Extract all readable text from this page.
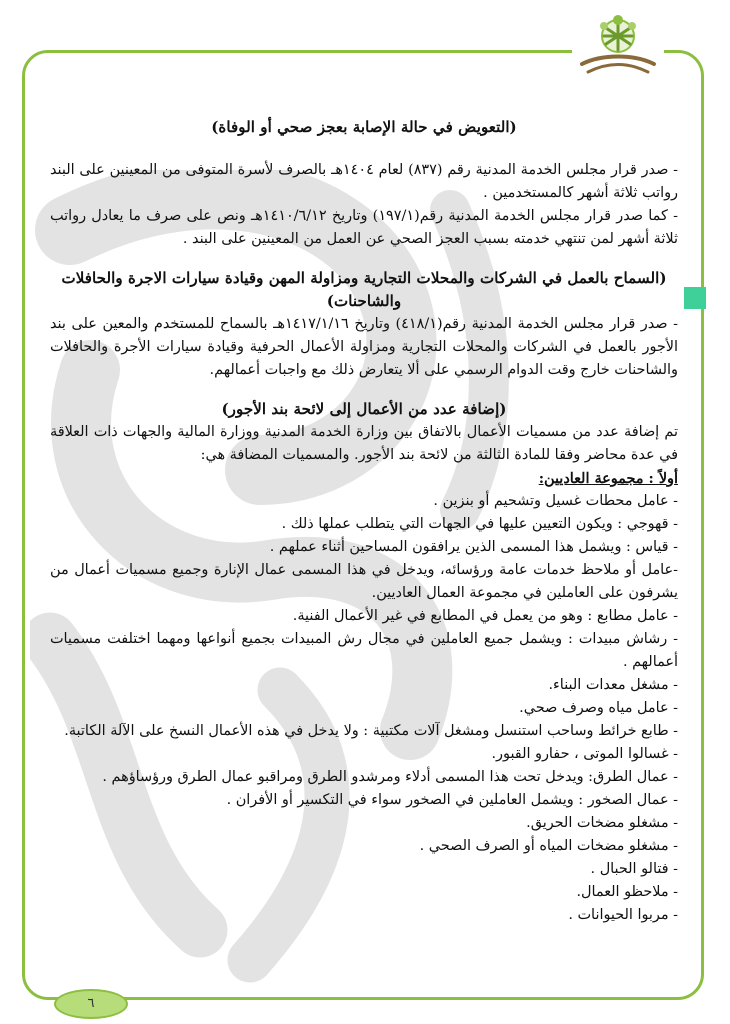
(التعويض في حالة الإصابة بعجز صحي أو الوفاة)

- صدر قرار مجلس الخدمة المدنية رقم (٨٣٧) لعام ١٤٠٤هـ بالصرف لأسرة المتوفى من المعينين على البند رواتب ثلاثة أشهر كالمستخدمين .

- كما صدر قرار مجلس الخدمة المدنية رقم(١٩٧/١) وتاريخ ١٤١٠/٦/١٢هـ ونص على صرف ما يعادل رواتب ثلاثة أشهر لمن تنتهي خدمته بسبب العجز الصحي عن العمل من المعينين على البند .

(السماح بالعمل في الشركات والمحلات التجارية ومزاولة المهن وقيادة سيارات الاجرة والحافلات والشاحنات)

- صدر قرار مجلس الخدمة المدنية رقم(٤١٨/١) وتاريخ ١٤١٧/١/١٦هـ بالسماح للمستخدم والمعين على بند الأجور بالعمل في الشركات والمحلات التجارية ومزاولة الأعمال الحرفية وقيادة سيارات الأجرة والحافلات والشاحنات خارج وقت الدوام الرسمي على ألا يتعارض ذلك مع واجبات أعمالهم.

(إضافة عدد من الأعمال إلى لائحة بند الأجور)

تم إضافة عدد من مسميات الأعمال بالاتفاق بين وزارة الخدمة المدنية ووزارة المالية والجهات ذات العلاقة في عدة محاضر وفقا للمادة الثالثة من لائحة بند الأجور. والمسميات المضافة هي:

أولاً : مجموعة العاديين:

- عامل محطات غسيل وتشحيم أو بنزين .

- قهوجي : ويكون التعيين عليها في الجهات التي يتطلب عملها ذلك .

- قياس : ويشمل هذا المسمى الذين يرافقون المساحين أثناء عملهم .

-عامل أو ملاحظ خدمات عامة ورؤسائه، ويدخل في هذا المسمى عمال الإنارة وجميع مسميات أعمال من يشرفون على العاملين في مجموعة العمال العاديين.

- عامل مطابع : وهو من يعمل في المطابع في غير الأعمال الفنية.

- رشاش مبيدات : ويشمل جميع العاملين في مجال رش المبيدات بجميع أنواعها ومهما اختلفت مسميات أعمالهم .

- مشغل معدات البناء.

- عامل مياه وصرف صحي.

- طابع خرائط وساحب استنسل ومشغل آلات مكتبية : ولا يدخل في هذه الأعمال النسخ على الآلة الكاتبة.

- غسالوا الموتى ، حفارو القبور.

- عمال الطرق: ويدخل تحت هذا المسمى أدلاء ومرشدو الطرق ومراقبو عمال الطرق ورؤساؤهم .

- عمال الصخور : ويشمل العاملين في الصخور سواء في التكسير أو الأفران .

- مشغلو مضخات الحريق.

- مشغلو مضخات المياه أو الصرف الصحي .

- فتالو الحبال .

- ملاحظو العمال.

- مربوا الحيوانات .

٦
